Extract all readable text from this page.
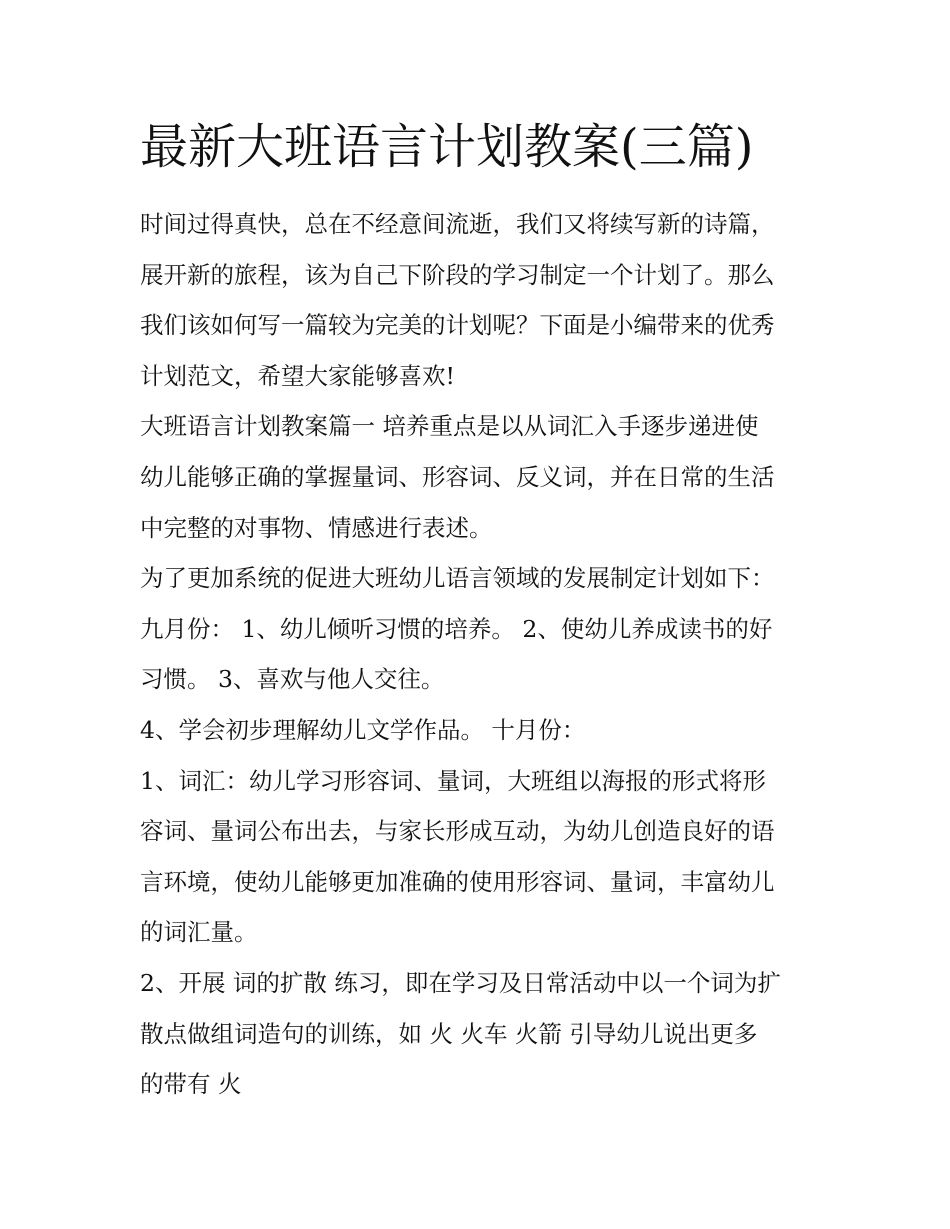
最新大班语言计划教案(三篇)

时间过得真快，总在不经意间流逝，我们又将续写新的诗篇，

展开新的旅程，该为自己下阶段的学习制定一个计划了。那么

我们该如何写一篇较为完美的计划呢？下面是小编带来的优秀

计划范文，希望大家能够喜欢!

大班语言计划教案篇一 培养重点是以从词汇入手逐步递进使

幼儿能够正确的掌握量词、形容词、反义词，并在日常的生活

中完整的对事物、情感进行表述。

为了更加系统的促进大班幼儿语言领域的发展制定计划如下：

九月份： 1、幼儿倾听习惯的培养。 2、使幼儿养成读书的好

习惯。 3、喜欢与他人交往。

4、学会初步理解幼儿文学作品。 十月份：

1、词汇：幼儿学习形容词、量词，大班组以海报的形式将形

容词、量词公布出去，与家长形成互动，为幼儿创造良好的语

言环境，使幼儿能够更加准确的使用形容词、量词，丰富幼儿

的词汇量。

2、开展 词的扩散 练习，即在学习及日常活动中以一个词为扩

散点做组词造句的训练，如 火 火车 火箭 引导幼儿说出更多

的带有 火
